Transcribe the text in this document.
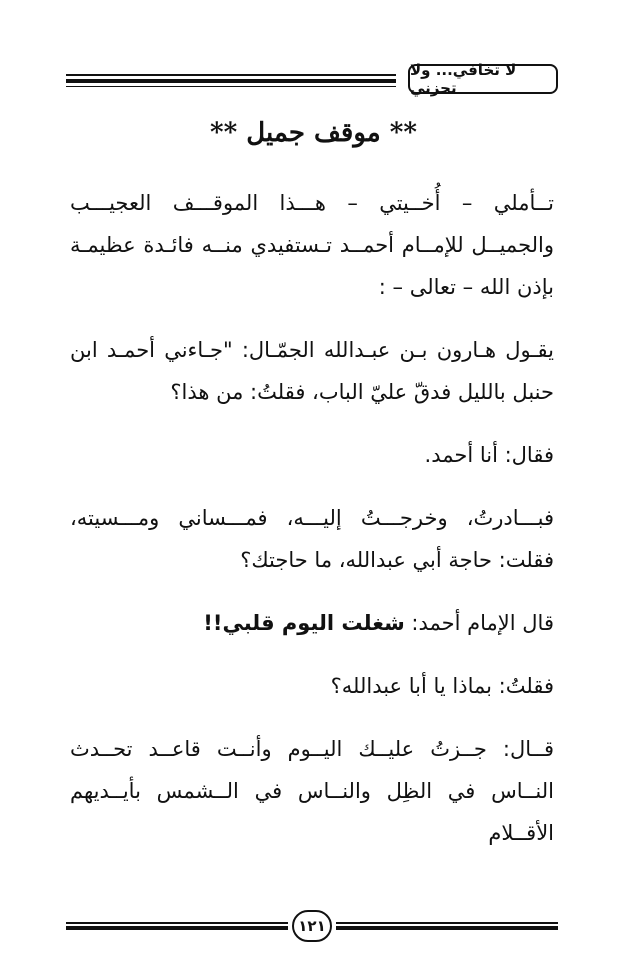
لا تخافي... ولا تحزني
** موقف جميل **

تــأملي – أُخــيتي – هـــذا الموقـــف العجيـــب والجميــل للإمــام أحمــد تـستفيدي منــه فائـدة عظيمـة بإذن الله – تعالى – :

يقـول هـارون بـن عبـدالله الجمّـال: "جـاءني أحمـد ابن حنبل بالليل فدقّ عليّ الباب، فقلتُ: من هذا؟

فقال: أنا أحمد.

فبـــادرتُ، وخرجـــتُ إليـــه، فمـــساني ومـــسيته، فقلت: حاجة أبي عبدالله، ما حاجتك؟

قال الإمام أحمد: شغلت اليوم قلبي!!

فقلتُ: بماذا يا أبا عبدالله؟

قــال: جــزتُ عليــك اليــوم وأنــت قاعــد تحــدث النــاس في الظِل والنــاس في الــشمس بأيــديهم الأقــلام

١٢١
